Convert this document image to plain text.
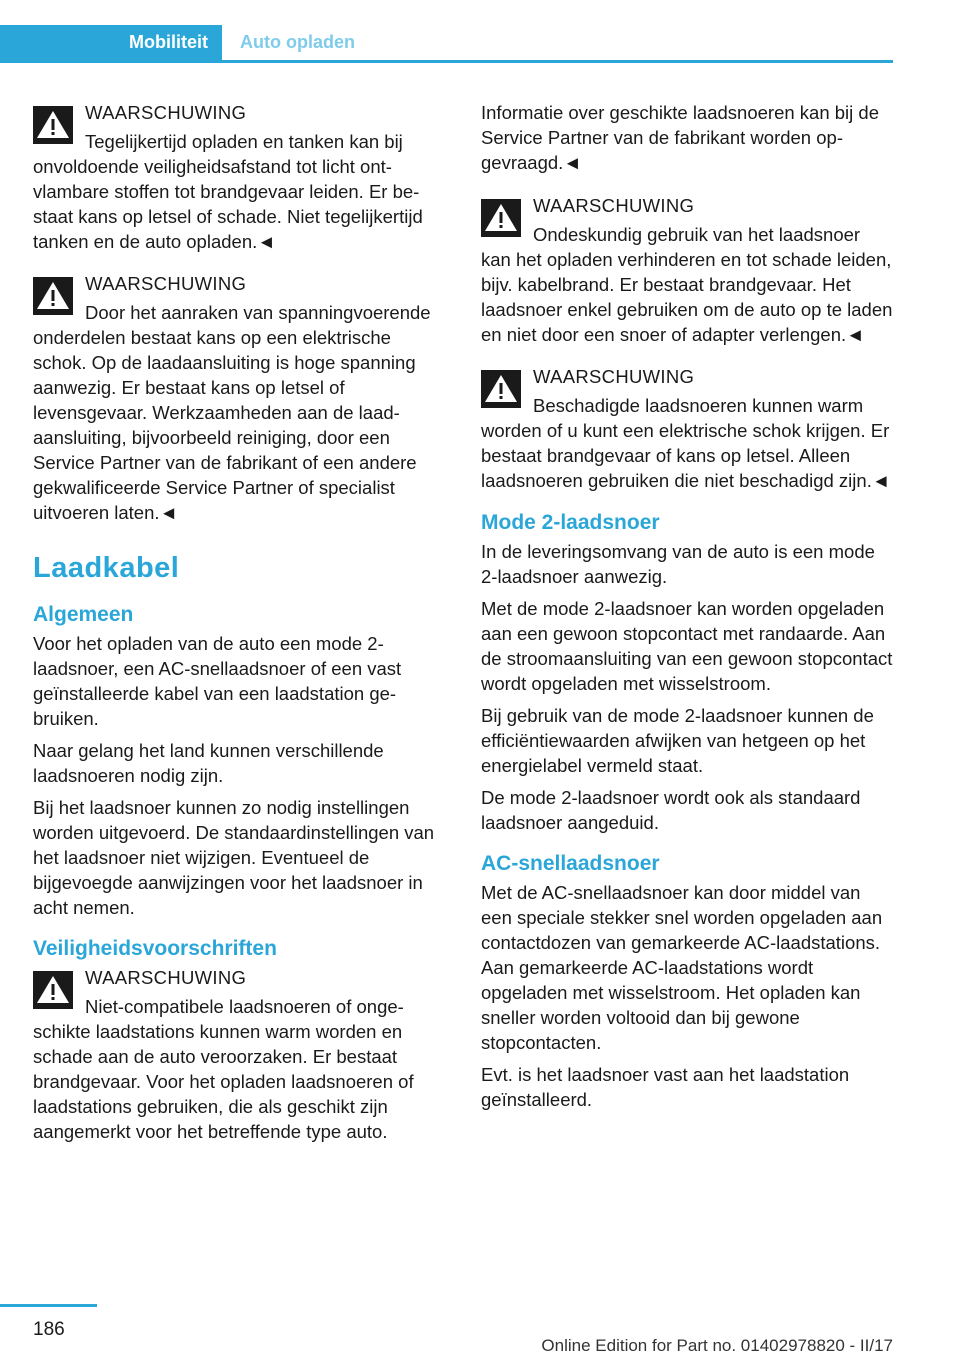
Mobiliteit	Auto opladen
WAARSCHUWING

Tegelijkertijd opladen en tanken kan bij onvoldoende veiligheidsafstand tot licht ontvlambare stoffen tot brandgevaar leiden. Er bestaat kans op letsel of schade. Niet tegelijkertijd tanken en de auto opladen.◄

WAARSCHUWING

Door het aanraken van spanningvoerende onderdelen bestaat kans op een elektrische schok. Op de laadaansluiting is hoge spanning aanwezig. Er bestaat kans op letsel of levensgevaar. Werkzaamheden aan de laadaansluiting, bijvoorbeeld reiniging, door een Service Partner van de fabrikant of een andere gekwalificeerde Service Partner of specialist uitvoeren laten.◄

Laadkabel
Algemeen

Voor het opladen van de auto een mode 2-laadsnoer, een AC-snellaadsnoer of een vast geïnstalleerde kabel van een laadstation gebruiken.

Naar gelang het land kunnen verschillende laadsnoeren nodig zijn.

Bij het laadsnoer kunnen zo nodig instellingen worden uitgevoerd. De standaardinstellingen van het laadsnoer niet wijzigen. Eventueel de bijgevoegde aanwijzingen voor het laadsnoer in acht nemen.

Veiligheidsvoorschriften
WAARSCHUWING

Niet-compatibele laadsnoeren of ongeschikte laadstations kunnen warm worden en schade aan de auto veroorzaken. Er bestaat brandgevaar. Voor het opladen laadsnoeren of laadstations gebruiken, die als geschikt zijn aangemerkt voor het betreffende type auto.

Informatie over geschikte laadsnoeren kan bij de Service Partner van de fabrikant worden opgevraagd.◄

WAARSCHUWING

Ondeskundig gebruik van het laadsnoer kan het opladen verhinderen en tot schade leiden, bijv. kabelbrand. Er bestaat brandgevaar. Het laadsnoer enkel gebruiken om de auto op te laden en niet door een snoer of adapter verlengen.◄

WAARSCHUWING

Beschadigde laadsnoeren kunnen warm worden of u kunt een elektrische schok krijgen. Er bestaat brandgevaar of kans op letsel. Alleen laadsnoeren gebruiken die niet beschadigd zijn.◄

Mode 2-laadsnoer

In de leveringsomvang van de auto is een mode 2-laadsnoer aanwezig.

Met de mode 2-laadsnoer kan worden opgeladen aan een gewoon stopcontact met randaarde. Aan de stroomaansluiting van een gewoon stopcontact wordt opgeladen met wisselstroom.

Bij gebruik van de mode 2-laadsnoer kunnen de efficiëntiewaarden afwijken van hetgeen op het energielabel vermeld staat.

De mode 2-laadsnoer wordt ook als standaard laadsnoer aangeduid.

AC-snellaadsnoer

Met de AC-snellaadsnoer kan door middel van een speciale stekker snel worden opgeladen aan contactdozen van gemarkeerde AC-laadstations. Aan gemarkeerde AC-laadstations wordt opgeladen met wisselstroom. Het opladen kan sneller worden voltooid dan bij gewone stopcontacten.

Evt. is het laadsnoer vast aan het laadstation geïnstalleerd.

186
Online Edition for Part no. 01402978820 - II/17
